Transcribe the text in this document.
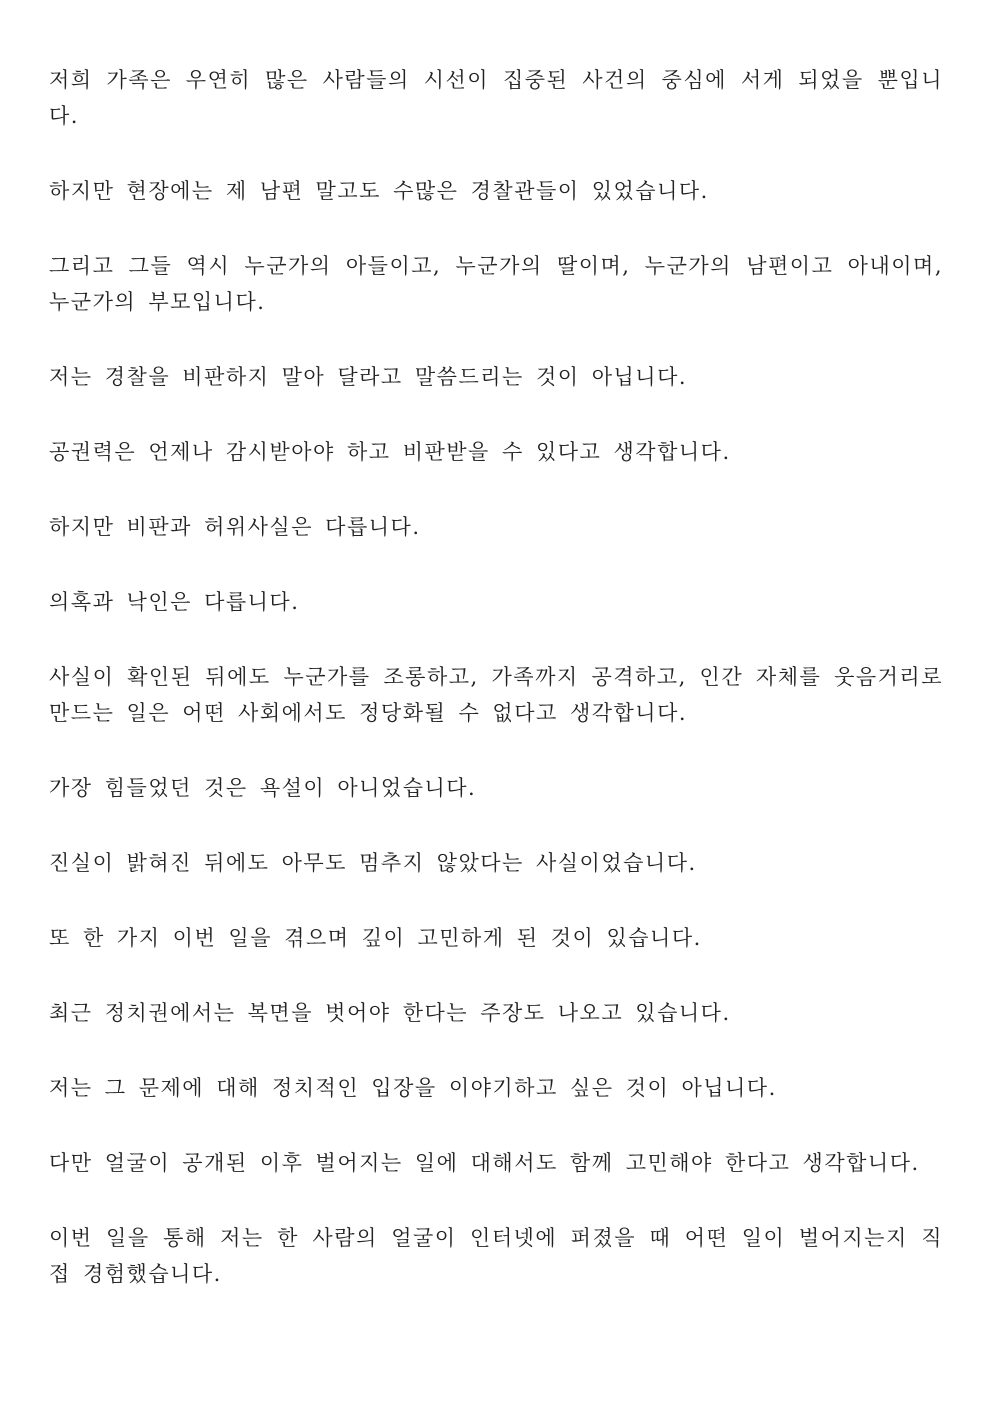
저희 가족은 우연히 많은 사람들의 시선이 집중된 사건의 중심에 서게 되었을 뿐입니다.

하지만 현장에는 제 남편 말고도 수많은 경찰관들이 있었습니다.

그리고 그들 역시 누군가의 아들이고, 누군가의 딸이며, 누군가의 남편이고 아내이며, 누군가의 부모입니다.

저는 경찰을 비판하지 말아 달라고 말씀드리는 것이 아닙니다.

공권력은 언제나 감시받아야 하고 비판받을 수 있다고 생각합니다.

하지만 비판과 허위사실은 다릅니다.

의혹과 낙인은 다릅니다.

사실이 확인된 뒤에도 누군가를 조롱하고, 가족까지 공격하고, 인간 자체를 웃음거리로 만드는 일은 어떤 사회에서도 정당화될 수 없다고 생각합니다.

가장 힘들었던 것은 욕설이 아니었습니다.

진실이 밝혀진 뒤에도 아무도 멈추지 않았다는 사실이었습니다.

또 한 가지 이번 일을 겪으며 깊이 고민하게 된 것이 있습니다.

최근 정치권에서는 복면을 벗어야 한다는 주장도 나오고 있습니다.

저는 그 문제에 대해 정치적인 입장을 이야기하고 싶은 것이 아닙니다.

다만 얼굴이 공개된 이후 벌어지는 일에 대해서도 함께 고민해야 한다고 생각합니다.

이번 일을 통해 저는 한 사람의 얼굴이 인터넷에 퍼졌을 때 어떤 일이 벌어지는지 직접 경험했습니다.
